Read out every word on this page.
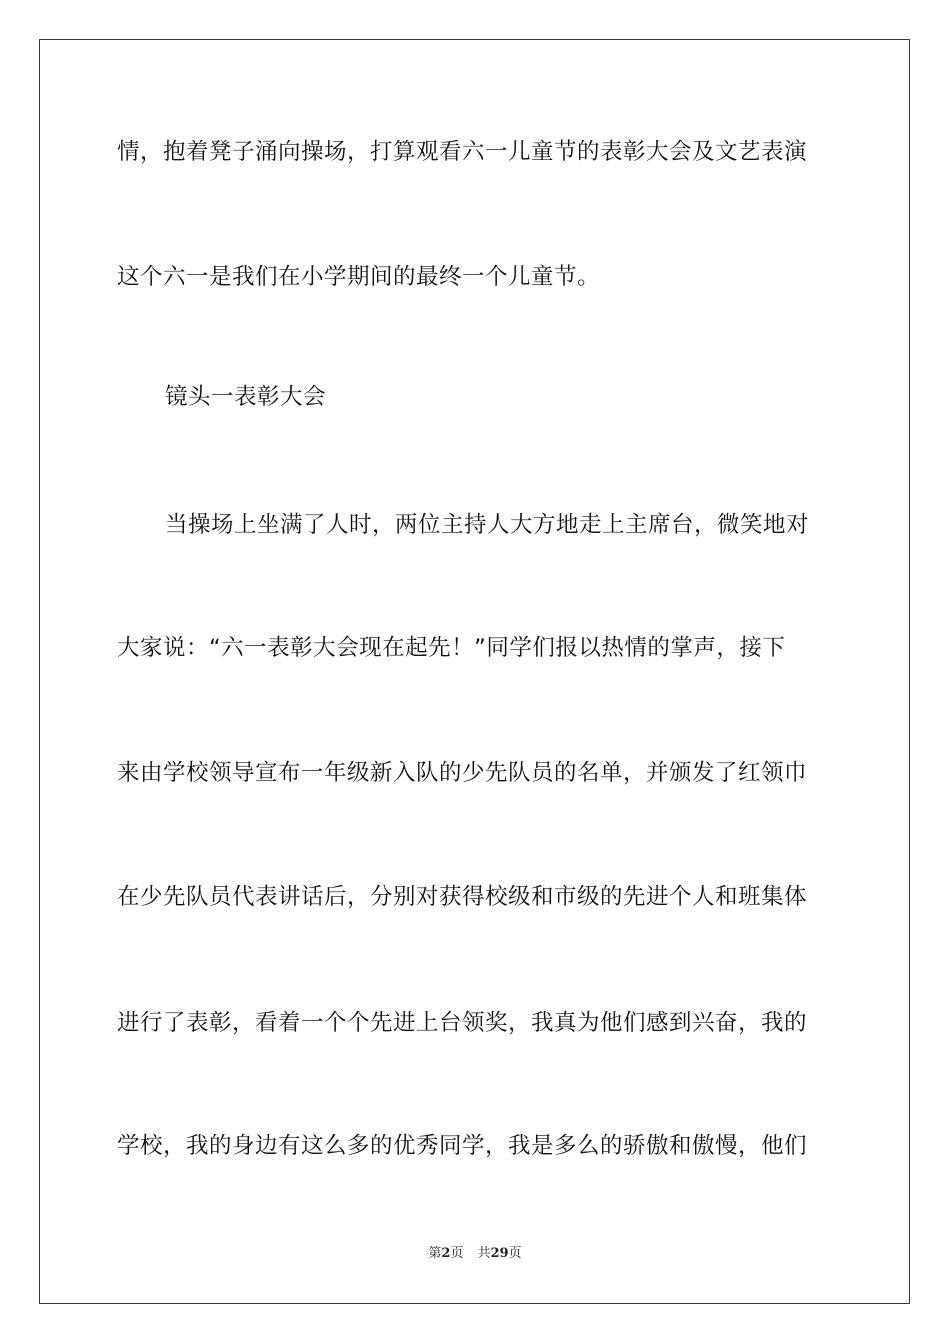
情，抱着凳子涌向操场，打算观看六一儿童节的表彰大会及文艺表演
这个六一是我们在小学期间的最终一个儿童节。
镜头一表彰大会
当操场上坐满了人时，两位主持人大方地走上主席台，微笑地对
大家说：“六一表彰大会现在起先！”同学们报以热情的掌声，接下
来由学校领导宣布一年级新入队的少先队员的名单，并颁发了红领巾
在少先队员代表讲话后，分别对获得校级和市级的先进个人和班集体
进行了表彰，看着一个个先进上台领奖，我真为他们感到兴奋，我的
学校，我的身边有这么多的优秀同学，我是多么的骄傲和傲慢，他们
第2页 共29页
